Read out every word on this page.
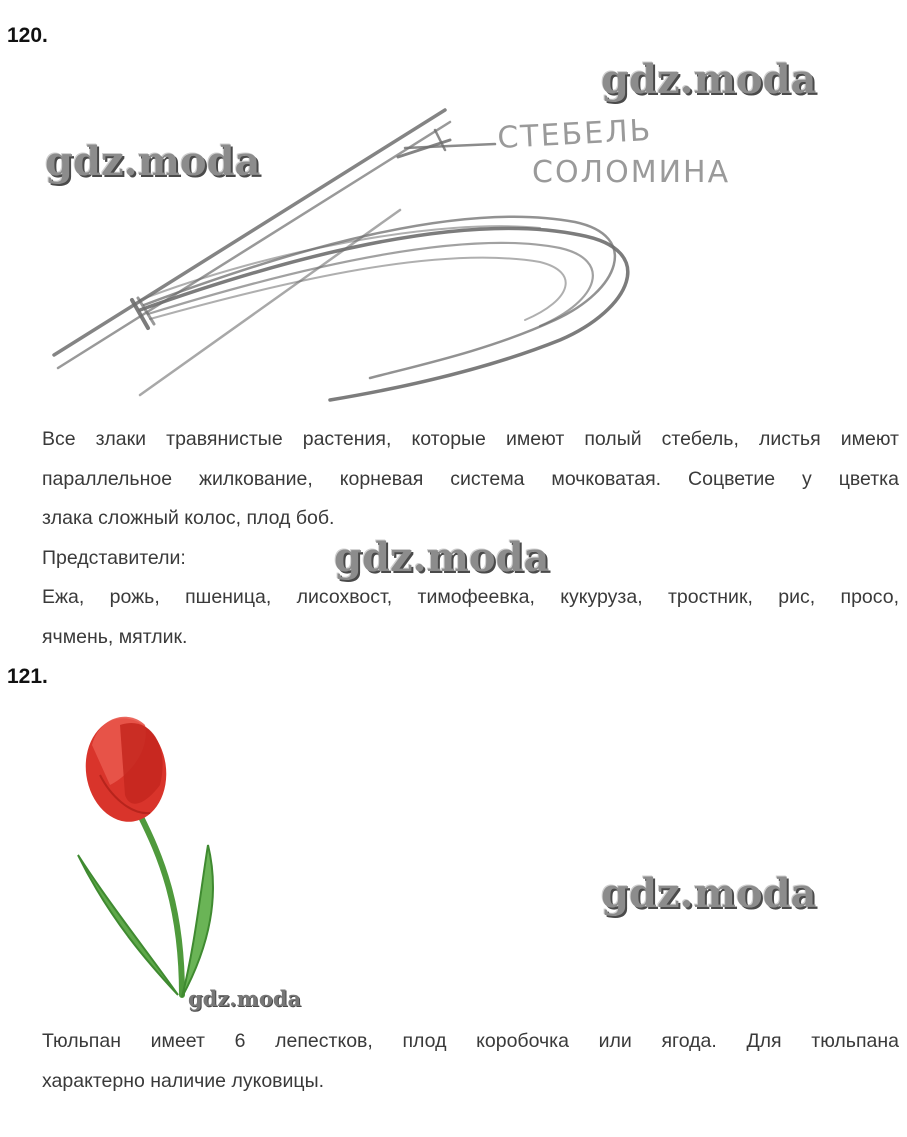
120.
gdz.moda
gdz.moda
СТЕБЕЛЬ
СОЛОМИНА
Все злаки травянистые растения, которые имеют полый стебель, листья имеют
параллельное жилкование, корневая система мочковатая. Соцветие у цветка
злака сложный колос, плод боб.
Представители:
Ежа, рожь, пшеница, лисохвост, тимофеевка, кукуруза, тростник, рис, просо,
ячмень, мятлик.
gdz.moda
121.
gdz.moda
gdz.moda
Тюльпан имеет 6 лепестков, плод коробочка или ягода. Для тюльпана
характерно наличие луковицы.
